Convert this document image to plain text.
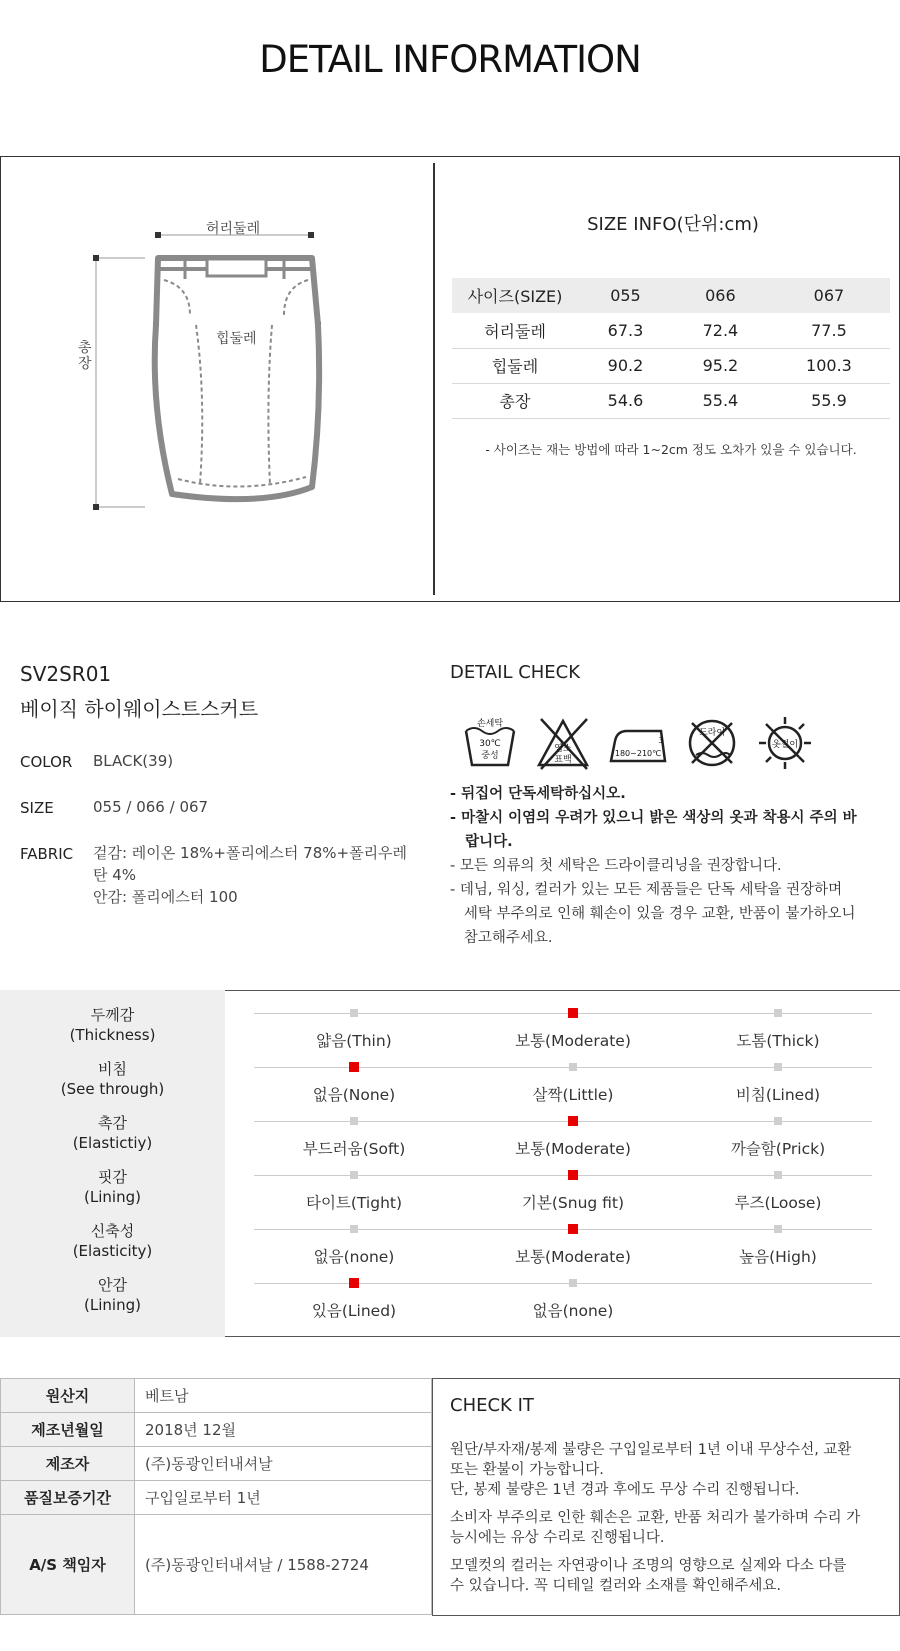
DETAIL INFORMATION
허리둘레
힙둘레
총장
SIZE INFO(단위:cm)
사이즈(SIZE)	055	066	067
허리둘레	67.3	72.4	77.5
힙둘레	90.2	95.2	100.3
총장	54.6	55.4	55.9
- 사이즈는 재는 방법에 따라 1~2cm 정도 오차가 있을 수 있습니다.
SV2SR01
베이직 하이웨이스트스커트
COLOR BLACK(39)
SIZE	055 / 066 / 067
FABRIC 겉감: 레이온 18%+폴리에스터 78%+폴리우레
탄 4%
안감: 폴리에스터 100
DETAIL CHECK
손세탁
30℃
중성
염소
표백
3
180~210℃
드라이
옷걸이
- 뒤집어 단독세탁하십시오.
- 마찰시 이염의 우려가 있으니 밝은 색상의 옷과 착용시 주의 바
랍니다.
- 모든 의류의 첫 세탁은 드라이클리닝을 권장합니다.
- 데님, 워싱, 컬러가 있는 모든 제품들은 단독 세탁을 권장하며
세탁 부주의로 인해 훼손이 있을 경우 교환, 반품이 불가하오니
참고해주세요.
두께감
(Thickness)	얇음(Thin)	보통(Moderate)	도톰(Thick)
비침
(See through)	없음(None)	살짝(Little)	비침(Lined)
촉감
(Elastictiy)	부드러움(Soft)	보통(Moderate)	까슬함(Prick)
핏감
(Lining)	타이트(Tight)	기본(Snug fit)	루즈(Loose)
신축성
(Elasticity)	없음(none)	보통(Moderate)	높음(High)
안감
(Lining)	있음(Lined)	없음(none)
원산지	베트남
제조년월일	2018년 12월
제조자	(주)동광인터내셔날
품질보증기간	구입일로부터 1년
A/S 책임자	(주)동광인터내셔날 / 1588-2724
CHECK IT
원단/부자재/봉제 불량은 구입일로부터 1년 이내 무상수선, 교환
또는 환불이 가능합니다.
단, 봉제 불량은 1년 경과 후에도 무상 수리 진행됩니다.
소비자 부주의로 인한 훼손은 교환, 반품 처리가 불가하며 수리 가
능시에는 유상 수리로 진행됩니다.
모델컷의 컬러는 자연광이나 조명의 영향으로 실제와 다소 다를
수 있습니다. 꼭 디테일 컬러와 소재를 확인해주세요.
